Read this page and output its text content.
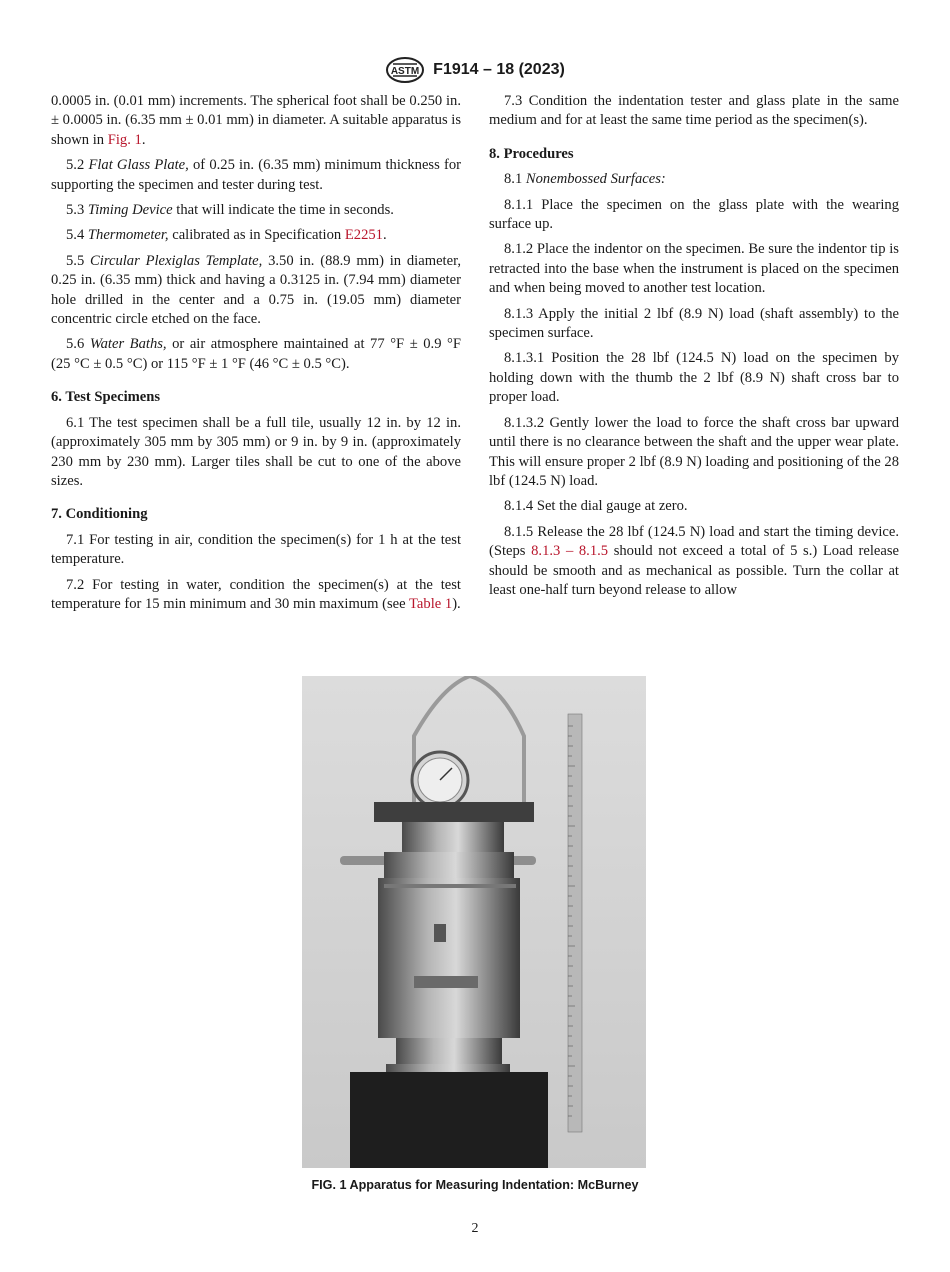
ASTM F1914 – 18 (2023)

0.0005 in. (0.01 mm) increments. The spherical foot shall be 0.250 in. ± 0.0005 in. (6.35 mm ± 0.01 mm) in diameter. A suitable apparatus is shown in Fig. 1.

5.2 Flat Glass Plate, of 0.25 in. (6.35 mm) minimum thickness for supporting the specimen and tester during test.

5.3 Timing Device that will indicate the time in seconds.

5.4 Thermometer, calibrated as in Specification E2251.

5.5 Circular Plexiglas Template, 3.50 in. (88.9 mm) in diameter, 0.25 in. (6.35 mm) thick and having a 0.3125 in. (7.94 mm) diameter hole drilled in the center and a 0.75 in. (19.05 mm) diameter concentric circle etched on the face.

5.6 Water Baths, or air atmosphere maintained at 77 °F ± 0.9 °F (25 °C ± 0.5 °C) or 115 °F ± 1 °F (46 °C ± 0.5 °C).

6. Test Specimens

6.1 The test specimen shall be a full tile, usually 12 in. by 12 in. (approximately 305 mm by 305 mm) or 9 in. by 9 in. (approximately 230 mm by 230 mm). Larger tiles shall be cut to one of the above sizes.

7. Conditioning

7.1 For testing in air, condition the specimen(s) for 1 h at the test temperature.

7.2 For testing in water, condition the specimen(s) at the test temperature for 15 min minimum and 30 min maximum (see Table 1).

7.3 Condition the indentation tester and glass plate in the same medium and for at least the same time period as the specimen(s).

8. Procedures

8.1 Nonembossed Surfaces:

8.1.1 Place the specimen on the glass plate with the wearing surface up.

8.1.2 Place the indentor on the specimen. Be sure the indentor tip is retracted into the base when the instrument is placed on the specimen and when being moved to another test location.

8.1.3 Apply the initial 2 lbf (8.9 N) load (shaft assembly) to the specimen surface.

8.1.3.1 Position the 28 lbf (124.5 N) load on the specimen by holding down with the thumb the 2 lbf (8.9 N) shaft cross bar to proper load.

8.1.3.2 Gently lower the load to force the shaft cross bar upward until there is no clearance between the shaft and the upper wear plate. This will ensure proper 2 lbf (8.9 N) loading and positioning of the 28 lbf (124.5 N) load.

8.1.4 Set the dial gauge at zero.

8.1.5 Release the 28 lbf (124.5 N) load and start the timing device. (Steps 8.1.3 – 8.1.5 should not exceed a total of 5 s.) Load release should be smooth and as mechanical as possible. Turn the collar at least one-half turn beyond release to allow

FIG. 1 Apparatus for Measuring Indentation: McBurney
2
